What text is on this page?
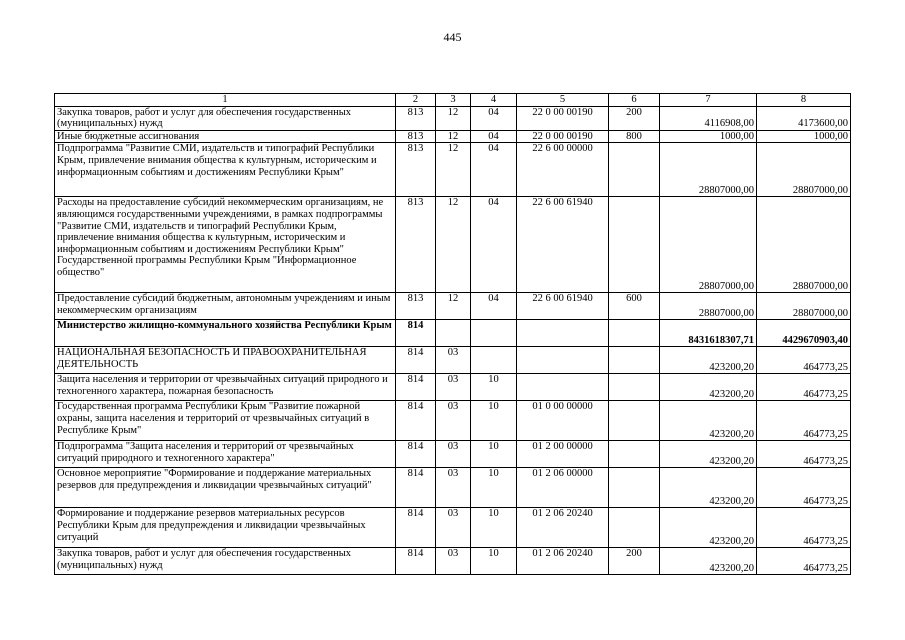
445
1	2	3	4	5	6	7	8
Закупка товаров, работ и услуг для обеспечения государственных (муниципальных) нужд	813	12	04	22 0 00 00190	200	4116908,00	4173600,00
Иные бюджетные ассигнования	813	12	04	22 0 00 00190	800	1000,00	1000,00
Подпрограмма "Развитие СМИ, издательств и типографий Республики Крым, привлечение внимания общества к культурным, историческим и информационным событиям и достижениям Республики Крым"	813	12	04	22 6 00 00000		28807000,00	28807000,00
Расходы на предоставление субсидий некоммерческим организациям, не являющимся государственными учреждениями, в рамках подпрограммы "Развитие СМИ, издательств и типографий Республики Крым, привлечение внимания общества к культурным, историческим и информационным событиям и достижениям Республики Крым" Государственной программы Республики Крым "Информационное общество"	813	12	04	22 6 00 61940		28807000,00	28807000,00
Предоставление субсидий бюджетным, автономным учреждениям и иным некоммерческим организациям	813	12	04	22 6 00 61940	600	28807000,00	28807000,00
Министерство жилищно-коммунального хозяйства Республики Крым	814					8431618307,71	4429670903,40
НАЦИОНАЛЬНАЯ БЕЗОПАСНОСТЬ И ПРАВООХРАНИТЕЛЬНАЯ ДЕЯТЕЛЬНОСТЬ	814	03				423200,20	464773,25
Защита населения и территории от чрезвычайных ситуаций природного и техногенного характера, пожарная безопасность	814	03	10			423200,20	464773,25
Государственная программа Республики Крым "Развитие пожарной охраны, защита населения и территорий от чрезвычайных ситуаций в Республике Крым"	814	03	10	01 0 00 00000		423200,20	464773,25
Подпрограмма "Защита населения и территорий от чрезвычайных ситуаций природного и техногенного характера"	814	03	10	01 2 00 00000		423200,20	464773,25
Основное мероприятие "Формирование и поддержание материальных резервов для предупреждения и ликвидации чрезвычайных ситуаций"	814	03	10	01 2 06 00000		423200,20	464773,25
Формирование и поддержание резервов материальных ресурсов Республики Крым для предупреждения и ликвидации чрезвычайных ситуаций	814	03	10	01 2 06 20240		423200,20	464773,25
Закупка товаров, работ и услуг для обеспечения государственных (муниципальных) нужд	814	03	10	01 2 06 20240	200	423200,20	464773,25
